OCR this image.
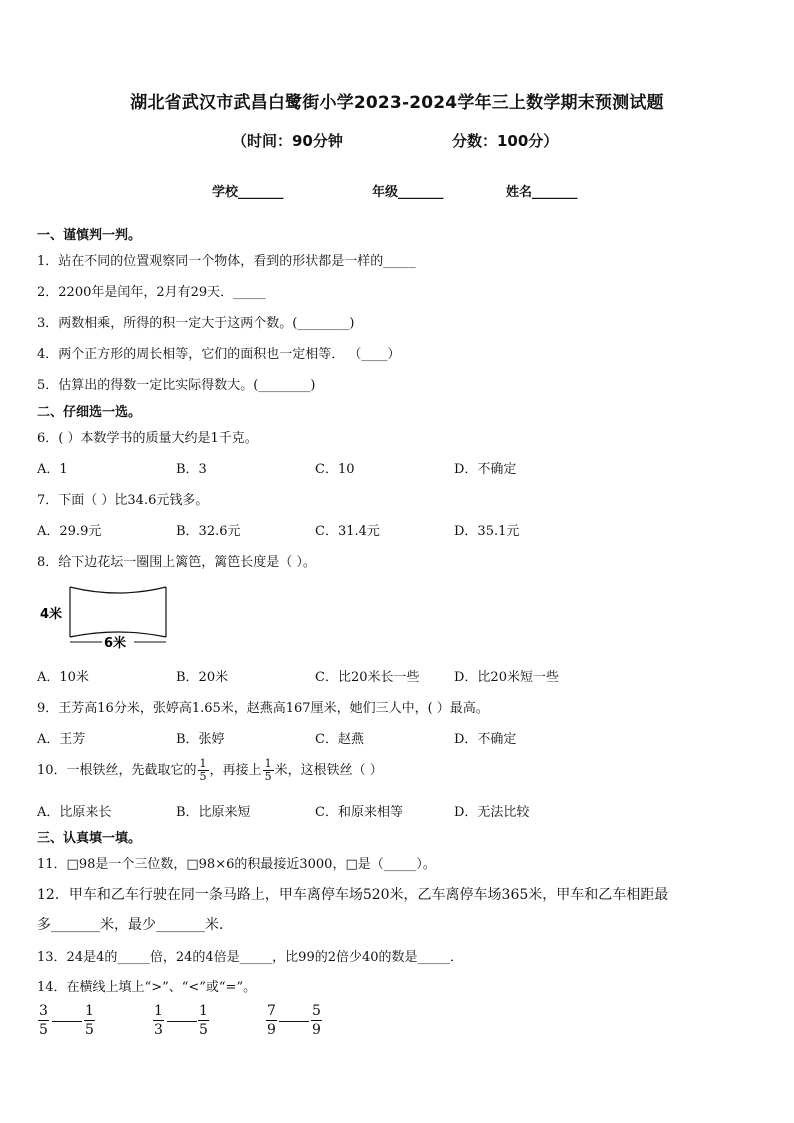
湖北省武汉市武昌白鹭街小学2023-2024学年三上数学期末预测试题
（时间：90分钟	分数：100分）
学校_______	年级_______	姓名_______
一、谨慎判一判。
1．站在不同的位置观察同一个物体，看到的形状都是一样的_____
2．2200年是闰年，2月有29天．_____
3．两数相乘，所得的积一定大于这两个数。(________)
4．两个正方形的周长相等，它们的面积也一定相等． （____）
5．估算出的得数一定比实际得数大。(________)
二、仔细选一选。
6．( ）本数学书的质量大约是1千克。
A．1	B．3	C．10	D．不确定
7．下面（ ）比34.6元钱多。
A．29.9元	B．32.6元	C．31.4元	D．35.1元
8．给下边花坛一圈围上篱笆，篱笆长度是（ ）。
4米
6米
A．10米	B．20米	C．比20米长一些	D．比20米短一些
9．王芳高16分米，张婷高1.65米，赵燕高167厘米，她们三人中，( ）最高。
A．王芳	B．张婷	C．赵燕	D．不确定
10．一根铁丝，先截取它的 $\frac{1}{5}$ ，再接上 $\frac{1}{5}$ 米，这根铁丝（ ）
A．比原来长	B．比原来短	C．和原来相等	D．无法比较
三、认真填一填。
11．□98是一个三位数，□98×6的积最接近3000，□是（_____）。
12．甲车和乙车行驶在同一条马路上，甲车离停车场520米，乙车离停车场365米，甲车和乙车相距最
多_______米，最少_______米．
13．24是4的_____倍，24的4倍是_____，比99的2倍少40的数是_____．
14．在横线上填上“>”、“<”或“=”。
$\frac{3}{5}$	$\frac{1}{5}$	$\frac{1}{3} \frac{1}{5}$	$\frac{7}{9} \frac{5}{9}$
